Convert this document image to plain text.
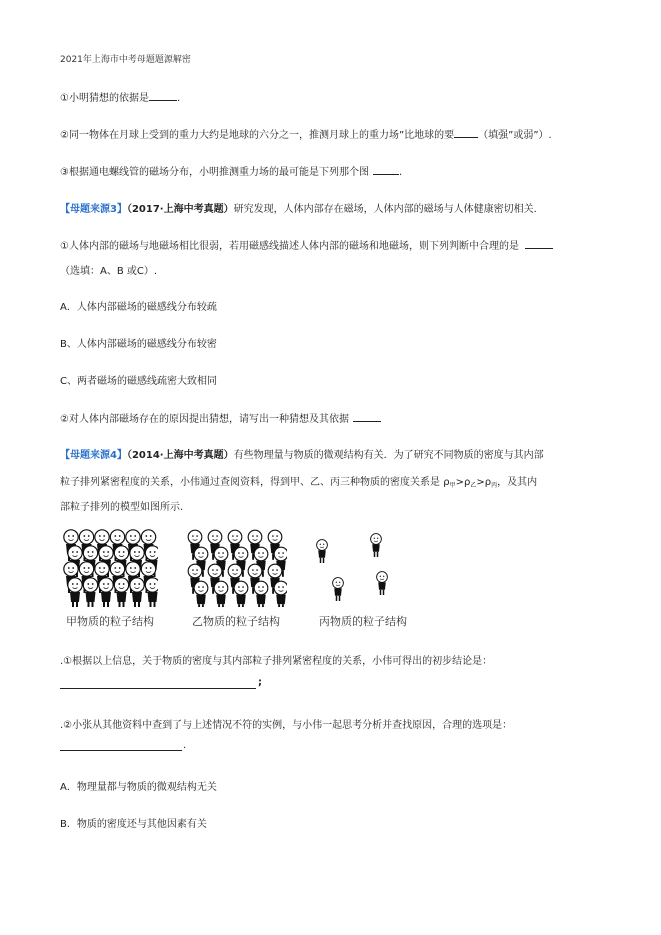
2021年上海市中考母题题源解密
①小明猜想的依据是	.
②同一物体在月球上受到的重力大约是地球的六分之一，推测月球上的重力场”比地球的要 （填强”或弱”）.
③根据通电螺线管的磁场分布，小明推测重力场的最可能是下列那个图	.
【母题来源3】（2017·上海中考真题）研究发现，人体内部存在磁场，人体内部的磁场与人体健康密切相关.
①人体内部的磁场与地磁场相比很弱，若用磁感线描述人体内部的磁场和地磁场，则下列判断中合理的是
（选填：A、B 或C）.
A．人体内部磁场的磁感线分布较疏
B、人体内部磁场的磁感线分布较密
C、两者磁场的磁感线疏密大致相同
②对人体内部磁场存在的原因提出猜想，请写出一种猜想及其依据
【母题来源4】（2014·上海中考真题）有些物理量与物质的微观结构有关．为了研究不同物质的密度与其内部
粒子排列紧密程度的关系，小伟通过查阅资料，得到甲、乙、丙三种物质的密度关系是 $\rho_甲>\rho_乙>\rho_丙$，及其内
部粒子排列的模型如图所示.
甲物质的粒子结构	乙物质的粒子结构	丙物质的粒子结构
.①根据以上信息，关于物质的密度与其内部粒子排列紧密程度的关系，小伟可得出的初步结论是：
;
.②小张从其他资料中查到了与上述情况不符的实例，与小伟一起思考分析并查找原因，合理的选项是：
.
A．物理量都与物质的微观结构无关
B．物质的密度还与其他因素有关
